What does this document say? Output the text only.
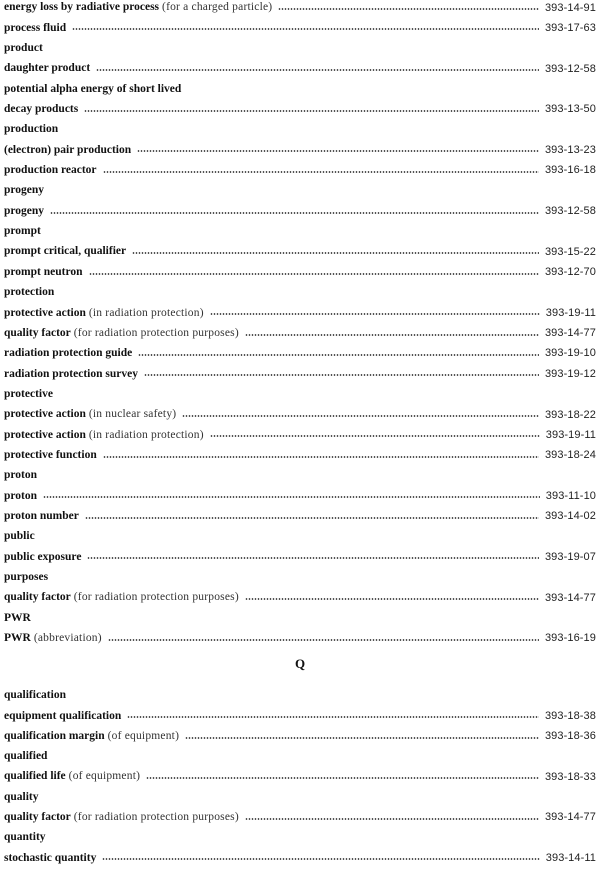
energy loss by radiative process ( for a charged particle )	393-14-91
process fluid	393-17-63
product
daughter product	393-12-58
potential alpha energy of short lived
decay products	393-13-50
production
(electron) pair production	393-13-23
production reactor	393-16-18
progeny
progeny	393-12-58
prompt
prompt critical, qualifier	393-15-22
prompt neutron	393-12-70
protection
protective action ( in radiation protection )	393-19-11
quality factor ( for radiation protection purposes )	393-14-77
radiation protection guide	393-19-10
radiation protection survey	393-19-12
protective
protective action ( in nuclear safety )	393-18-22
protective action ( in radiation protection )	393-19-11
protective function	393-18-24
proton
proton	393-11-10
proton number	393-14-02
public
public exposure	393-19-07
purposes
quality factor ( for radiation protection purposes )	393-14-77
PWR
PWR ( abbreviation )	393-16-19
Q
qualification
equipment qualification	393-18-38
qualification margin ( of equipment )	393-18-36
qualified
qualified life ( of equipment )	393-18-33
quality
quality factor ( for radiation protection purposes )	393-14-77
quantity
stochastic quantity	393-14-11
